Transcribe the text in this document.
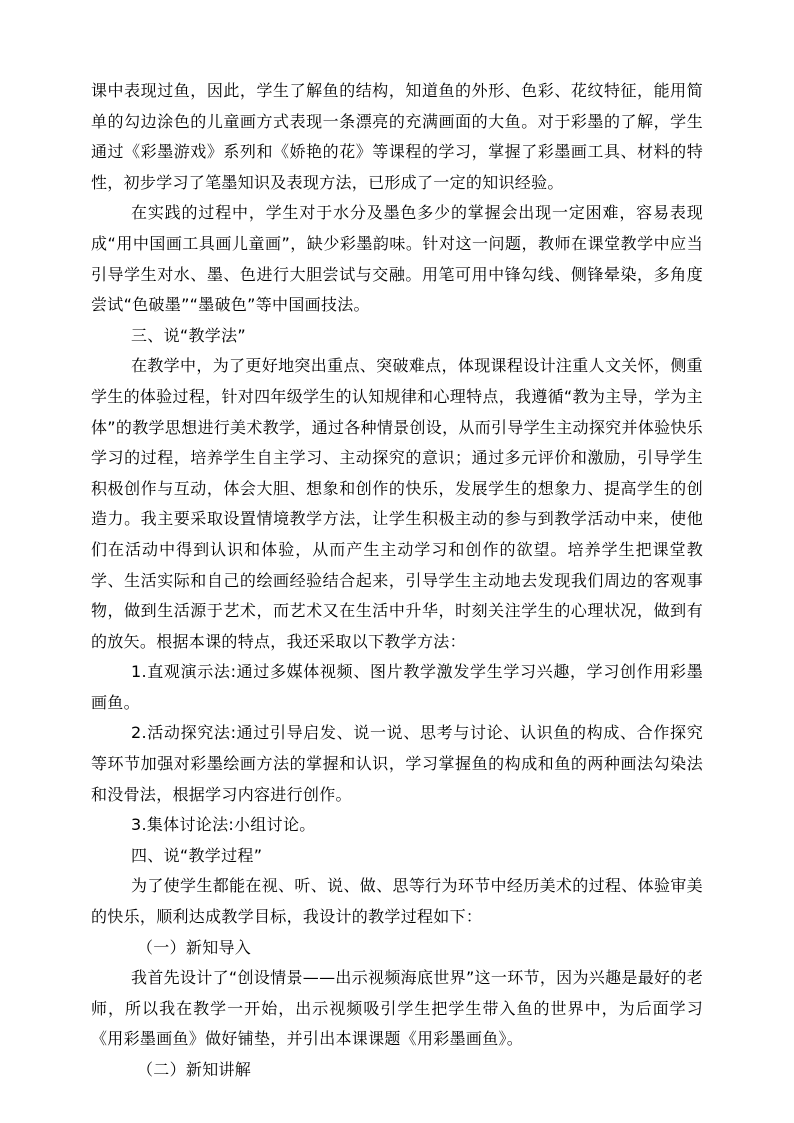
课中表现过鱼，因此，学生了解鱼的结构，知道鱼的外形、色彩、花纹特征，能用简单的勾边涂色的儿童画方式表现一条漂亮的充满画面的大鱼。对于彩墨的了解，学生通过《彩墨游戏》系列和《娇艳的花》等课程的学习，掌握了彩墨画工具、材料的特性，初步学习了笔墨知识及表现方法，已形成了一定的知识经验。

在实践的过程中，学生对于水分及墨色多少的掌握会出现一定困难，容易表现成“用中国画工具画儿童画”，缺少彩墨韵味。针对这一问题，教师在课堂教学中应当引导学生对水、墨、色进行大胆尝试与交融。用笔可用中锋勾线、侧锋晕染，多角度尝试“色破墨”“墨破色”等中国画技法。

三、说“教学法”

在教学中，为了更好地突出重点、突破难点，体现课程设计注重人文关怀，侧重学生的体验过程，针对四年级学生的认知规律和心理特点，我遵循“教为主导，学为主体”的教学思想进行美术教学，通过各种情景创设，从而引导学生主动探究并体验快乐学习的过程，培养学生自主学习、主动探究的意识；通过多元评价和激励，引导学生积极创作与互动，体会大胆、想象和创作的快乐，发展学生的想象力、提高学生的创造力。我主要采取设置情境教学方法，让学生积极主动的参与到教学活动中来，使他们在活动中得到认识和体验，从而产生主动学习和创作的欲望。培养学生把课堂教学、生活实际和自己的绘画经验结合起来，引导学生主动地去发现我们周边的客观事物，做到生活源于艺术，而艺术又在生活中升华，时刻关注学生的心理状况，做到有的放矢。根据本课的特点，我还采取以下教学方法：

1.直观演示法:通过多媒体视频、图片教学激发学生学习兴趣，学习创作用彩墨画鱼。

2.活动探究法:通过引导启发、说一说、思考与讨论、认识鱼的构成、合作探究等环节加强对彩墨绘画方法的掌握和认识，学习掌握鱼的构成和鱼的两种画法勾染法和没骨法，根据学习内容进行创作。

3.集体讨论法:小组讨论。

四、说“教学过程”

为了使学生都能在视、听、说、做、思等行为环节中经历美术的过程、体验审美的快乐，顺利达成教学目标，我设计的教学过程如下：

（一）新知导入

我首先设计了“创设情景——出示视频海底世界”这一环节，因为兴趣是最好的老师，所以我在教学一开始，出示视频吸引学生把学生带入鱼的世界中，为后面学习《用彩墨画鱼》做好铺垫，并引出本课课题《用彩墨画鱼》。

（二）新知讲解
